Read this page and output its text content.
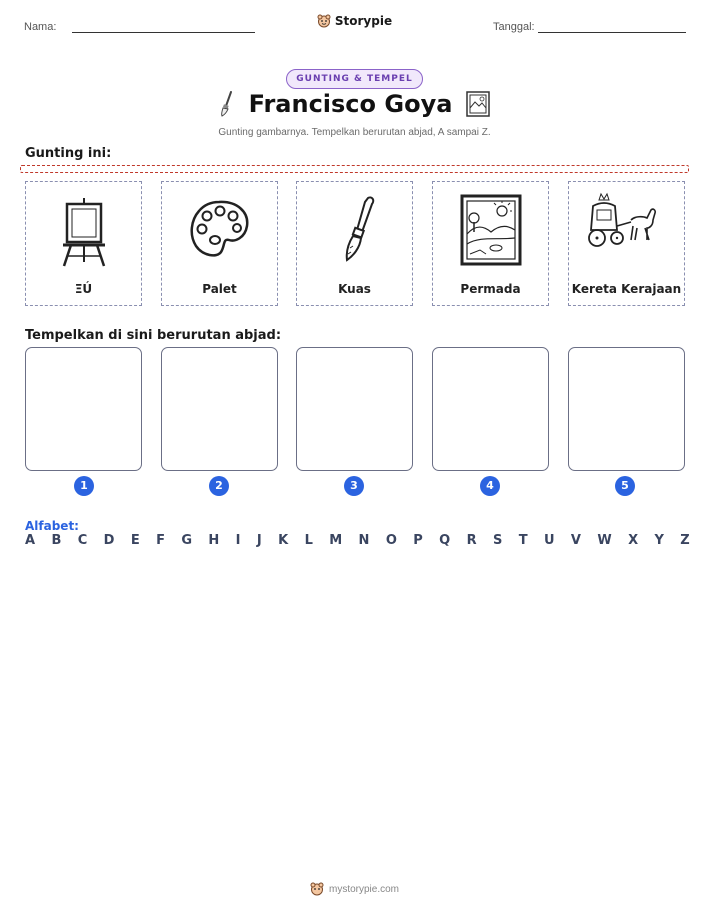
Nama:	Storypie	Tanggal:
GUNTING & TEMPEL
Francisco Goya
Gunting gambarnya. Tempelkan berurutan abjad, A sampai Z.
Gunting ini:
ΞÚ	Palet	Kuas	Permada	Kereta Kerajaan
Tempelkan di sini berurutan abjad:
1	2	3	4	5
Alfabet:
A B C D E F G H I J K L M N O P Q R S T U V W X Y Z
mystorypie.com
